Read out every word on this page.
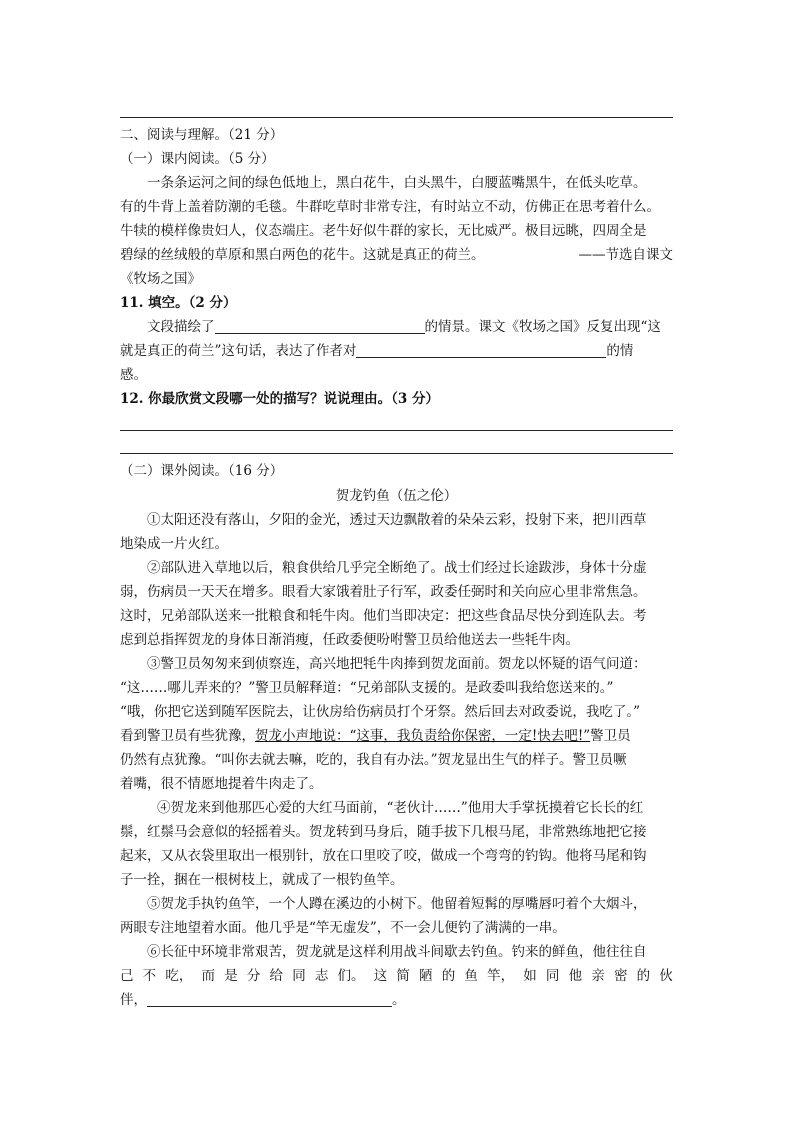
二、阅读与理解。（21 分）
（一）课内阅读。（5 分）
一条条运河之间的绿色低地上，黑白花牛，白头黑牛，白腰蓝嘴黑牛，在低头吃草。
有的牛背上盖着防潮的毛毯。牛群吃草时非常专注，有时站立不动，仿佛正在思考着什么。
牛犊的模样像贵妇人，仪态端庄。老牛好似牛群的家长，无比威严。极目远眺，四周全是
碧绿的丝绒般的草原和黑白两色的花牛。这就是真正的荷兰。	——节选自课文
《牧场之国》
11. 填空。（2 分）
文段描绘了	的情景。课文《牧场之国》反复出现“这
就是真正的荷兰”这句话，表达了作者对	的情
感。
12. 你最欣赏文段哪一处的描写？说说理由。（3 分）
（二）课外阅读。（16 分）
贺龙钓鱼（伍之伦）
①太阳还没有落山，夕阳的金光，透过天边飘散着的朵朵云彩，投射下来，把川西草
地染成一片火红。
②部队进入草地以后，粮食供给几乎完全断绝了。战士们经过长途跋涉，身体十分虚
弱，伤病员一天天在增多。眼看大家饿着肚子行军，政委任弼时和关向应心里非常焦急。
这时，兄弟部队送来一批粮食和牦牛肉。他们当即决定：把这些食品尽快分到连队去。考
虑到总指挥贺龙的身体日渐消瘦，任政委便吩咐警卫员给他送去一些牦牛肉。
③警卫员匆匆来到侦察连，高兴地把牦牛肉捧到贺龙面前。贺龙以怀疑的语气问道：
“这……哪儿弄来的？”警卫员解释道：“兄弟部队支援的。是政委叫我给您送来的。”
“哦，你把它送到随军医院去，让伙房给伤病员打个牙祭。然后回去对政委说，我吃了。”
看到警卫员有些犹豫，贺龙小声地说：“这事，我负责给你保密，一定!快去吧!”警卫员
仍然有点犹豫。“叫你去就去嘛，吃的，我自有办法。”贺龙显出生气的样子。警卫员噘
着嘴，很不情愿地提着牛肉走了。
④贺龙来到他那匹心爱的大红马面前，“老伙计……”他用大手掌抚摸着它长长的红
鬃，红鬃马会意似的轻摇着头。贺龙转到马身后，随手拔下几根马尾，非常熟练地把它接
起来，又从衣袋里取出一根别针，放在口里咬了咬，做成一个弯弯的钓钩。他将马尾和钩
子一拴，捆在一根树枝上，就成了一根钓鱼竿。
⑤贺龙手执钓鱼竿，一个人蹲在溪边的小树下。他留着短髯的厚嘴唇叼着个大烟斗，
两眼专注地望着水面。他几乎是“竿无虚发”，不一会儿便钓了满满的一串。
⑥长征中环境非常艰苦，贺龙就是这样利用战斗间歇去钓鱼。钓来的鲜鱼，他往往自
己 不 吃， 而 是 分 给 同 志 们。 这 简 陋 的 鱼 竿， 如 同 他 亲 密 的 伙
伴，	。
